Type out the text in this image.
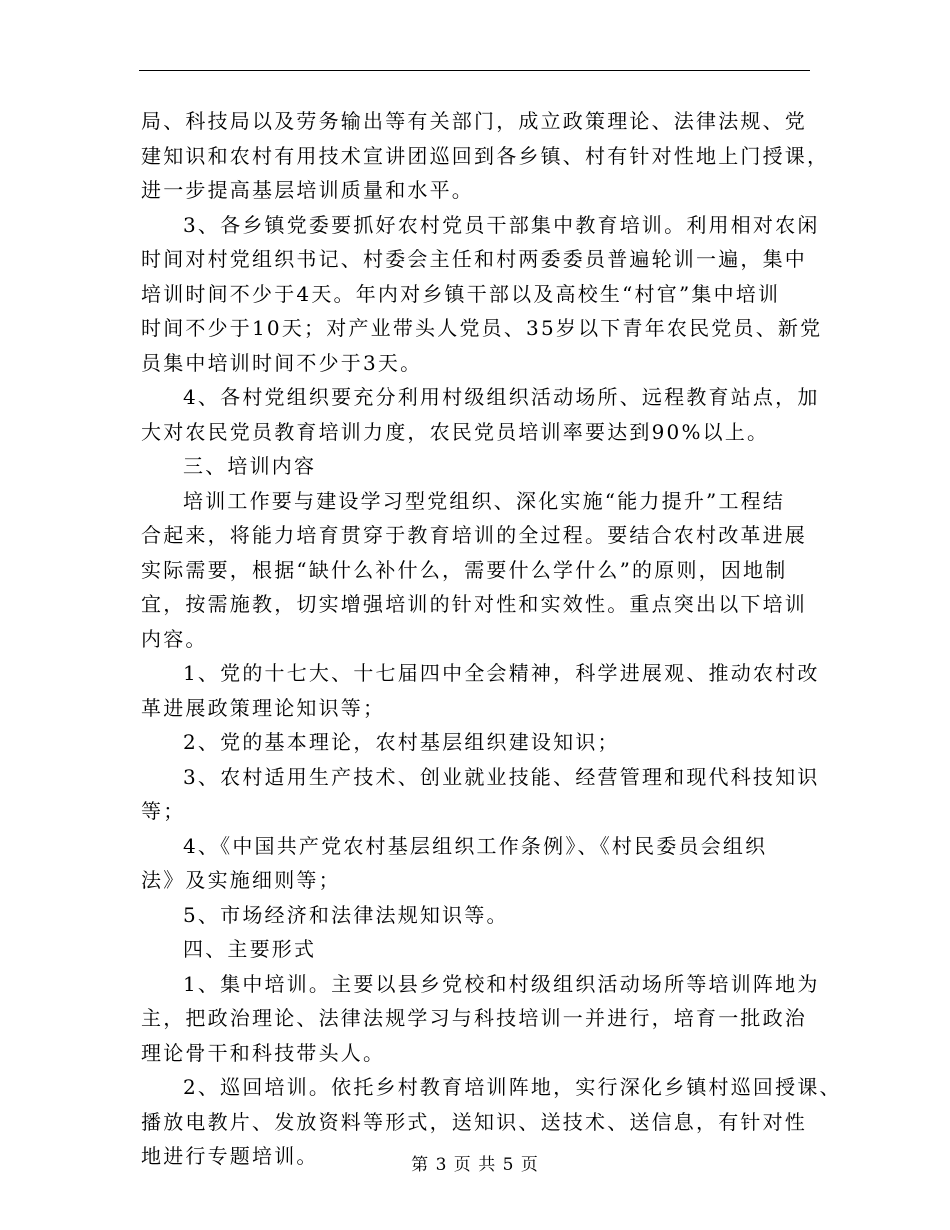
局、科技局以及劳务输出等有关部门，成立政策理论、法律法规、党
建知识和农村有用技术宣讲团巡回到各乡镇、村有针对性地上门授课，
进一步提高基层培训质量和水平。
3、各乡镇党委要抓好农村党员干部集中教育培训。利用相对农闲
时间对村党组织书记、村委会主任和村两委委员普遍轮训一遍，集中
培训时间不少于4天。年内对乡镇干部以及高校生“村官”集中培训
时间不少于10天；对产业带头人党员、35岁以下青年农民党员、新党
员集中培训时间不少于3天。
4、各村党组织要充分利用村级组织活动场所、远程教育站点，加
大对农民党员教育培训力度，农民党员培训率要达到90%以上。
三、培训内容
培训工作要与建设学习型党组织、深化实施“能力提升”工程结
合起来，将能力培育贯穿于教育培训的全过程。要结合农村改革进展
实际需要，根据“缺什么补什么，需要什么学什么”的原则，因地制
宜，按需施教，切实增强培训的针对性和实效性。重点突出以下培训
内容。
1、党的十七大、十七届四中全会精神，科学进展观、推动农村改
革进展政策理论知识等；
2、党的基本理论，农村基层组织建设知识；
3、农村适用生产技术、创业就业技能、经营管理和现代科技知识
等；
4、《中国共产党农村基层组织工作条例》、《村民委员会组织
法》及实施细则等；
5、市场经济和法律法规知识等。
四、主要形式
1、集中培训。主要以县乡党校和村级组织活动场所等培训阵地为
主，把政治理论、法律法规学习与科技培训一并进行，培育一批政治
理论骨干和科技带头人。
2、巡回培训。依托乡村教育培训阵地，实行深化乡镇村巡回授课、
播放电教片、发放资料等形式，送知识、送技术、送信息，有针对性
地进行专题培训。	第 3 页 共 5 页
